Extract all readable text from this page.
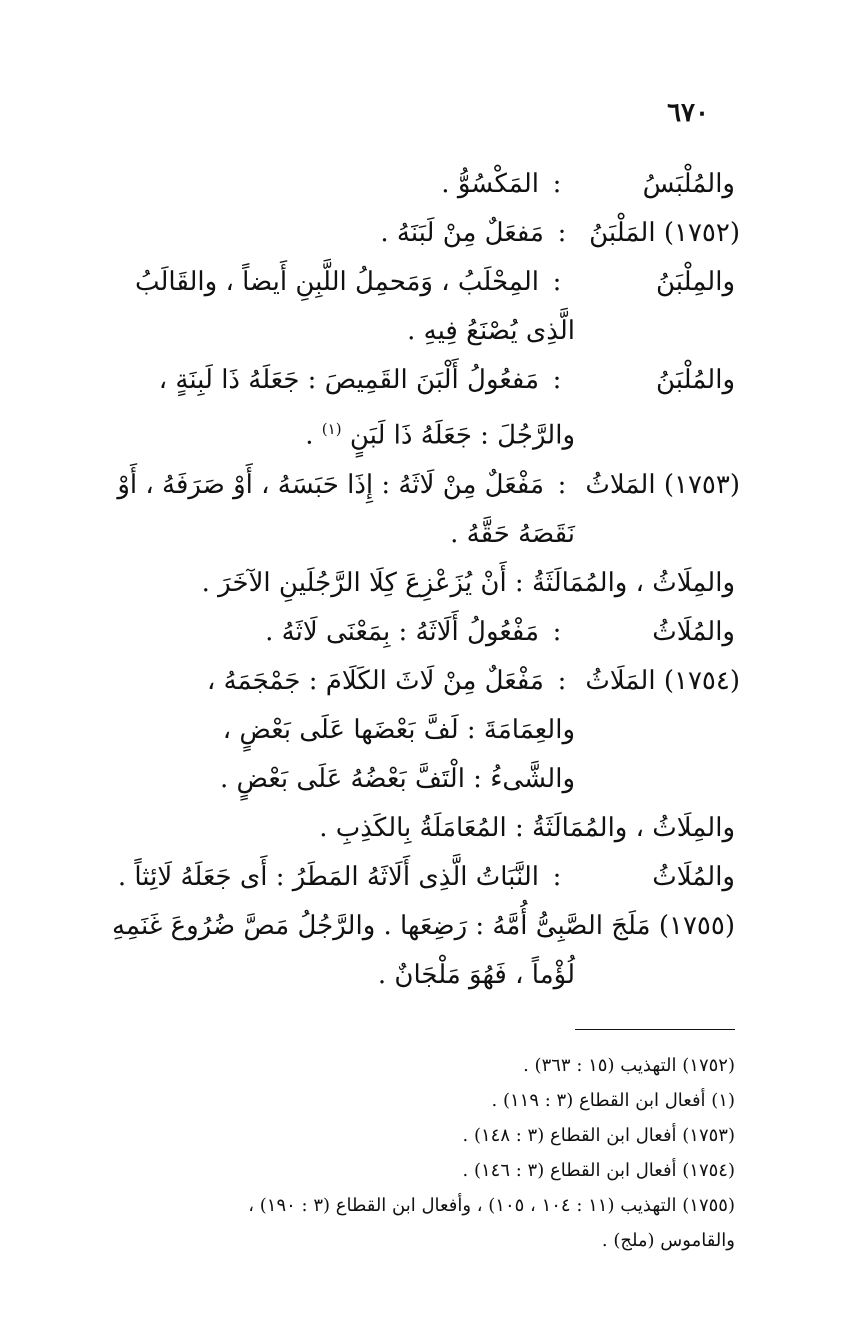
٦٧٠
والمُلْبَسُ:المَكْسُوُّ .
(١٧٥٢) المَلْبَنُ:مَفعَلٌ مِنْ لَبَنَهُ .
والمِلْبَنُ:المِحْلَبُ ، وَمَحمِلُ اللَّبِنِ أَيضاً ، والقَالَبُ
الَّذِى يُصْنَعُ فِيهِ .
والمُلْبَنُ:مَفعُولُ أَلْبَنَ القَمِيصَ : جَعَلَهُ ذَا لَبِنَةٍ ،
والرَّجُلَ : جَعَلَهُ ذَا لَبَنٍ $^{(١)}$ .
(١٧٥٣) المَلاثُ:مَفْعَلٌ مِنْ لَاثَهُ : إِذَا حَبَسَهُ ، أَوْ صَرَفَهُ ، أَوْ
نَقَصَهُ حَقَّهُ .
والمِلَاثُ ، والمُمَالَثَةُ : أَنْ يُزَعْزِعَ كِلَا الرَّجُلَينِ الآخَرَ .
والمُلَاثُ:مَفْعُولُ أَلَاثَهُ : بِمَعْنَى لَاثَهُ .
(١٧٥٤) المَلَاثُ:مَفْعَلٌ مِنْ لَاثَ الكَلَامَ : جَمْجَمَهُ ،
والعِمَامَةَ : لَفَّ بَعْضَها عَلَى بَعْضٍ ،
والشَّىءُ : الْتَفَّ بَعْضُهُ عَلَى بَعْضٍ .
والمِلَاثُ ، والمُمَالَثَةُ : المُعَامَلَةُ بِالكَذِبِ .
والمُلَاثُ:النَّبَاتُ الَّذِى أَلَاثَهُ المَطَرُ : أَى جَعَلَهُ لَائِثاً .
(١٧٥٥) مَلَجَ الصَّبِىُّ أُمَّهُ : رَضِعَها . والرَّجُلُ مَصَّ ضُرُوعَ غَنَمِهِ
لُؤْماً ، فَهُوَ مَلْجَانٌ .
(١٧٥٢) التهذيب (١٥ : ٣٦٣) .
(١) أفعال ابن القطاع (٣ : ١١٩) .
(١٧٥٣) أفعال ابن القطاع (٣ : ١٤٨) .
(١٧٥٤) أفعال ابن القطاع (٣ : ١٤٦) .
(١٧٥٥) التهذيب (١١ : ١٠٤ ، ١٠٥) ، وأفعال ابن القطاع (٣ : ١٩٠) ،
والقاموس (ملج) .
